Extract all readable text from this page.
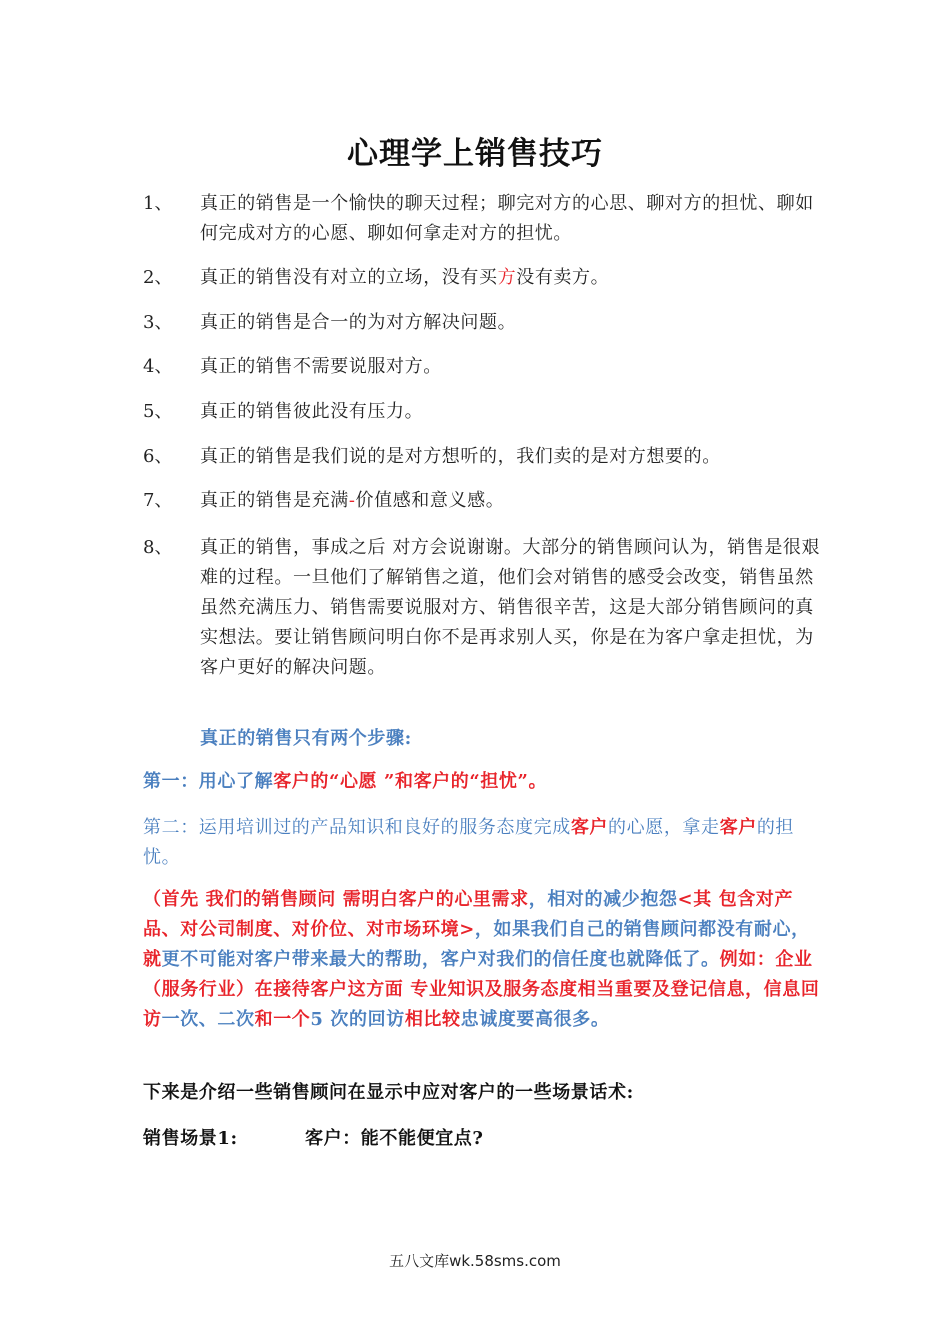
心理学上销售技巧
1、	真正的销售是一个愉快的聊天过程；聊完对方的心思、聊对方的担忧、聊如何完成对方的心愿、聊如何拿走对方的担忧。
2、	真正的销售没有对立的立场，没有买方没有卖方。
3、	真正的销售是合一的为对方解决问题。
4、	真正的销售不需要说服对方。
5、	真正的销售彼此没有压力。
6、	真正的销售是我们说的是对方想听的，我们卖的是对方想要的。
7、	真正的销售是充满-价值感和意义感。
8、	真正的销售，事成之后 对方会说谢谢。大部分的销售顾问认为，销售是很艰难的过程。一旦他们了解销售之道，他们会对销售的感受会改变，销售虽然虽然充满压力、销售需要说服对方、销售很辛苦，这是大部分销售顾问的真实想法。要让销售顾问明白你不是再求别人买，你是在为客户拿走担忧，为客户更好的解决问题。
真正的销售只有两个步骤:
第一：用心了解客户的“心愿 ”和客户的“担忧”。
第二：运用培训过的产品知识和良好的服务态度完成客户的心愿，拿走客户的担忧。
（首先 我们的销售顾问 需明白客户的心里需求，相对的减少抱怨<其 包含对产品、对公司制度、对价位、对市场环境>，如果我们自己的销售顾问都没有耐心，就更不可能对客户带来最大的帮助，客户对我们的信任度也就降低了。例如：企业（服务行业）在接待客户这方面 专业知识及服务态度相当重要及登记信息，信息回访一次、二次和一个5 次的回访相比较忠诚度要高很多。
下来是介绍一些销售顾问在显示中应对客户的一些场景话术:
销售场景1:	客户：能不能便宜点?
五八文库wk.58sms.com
